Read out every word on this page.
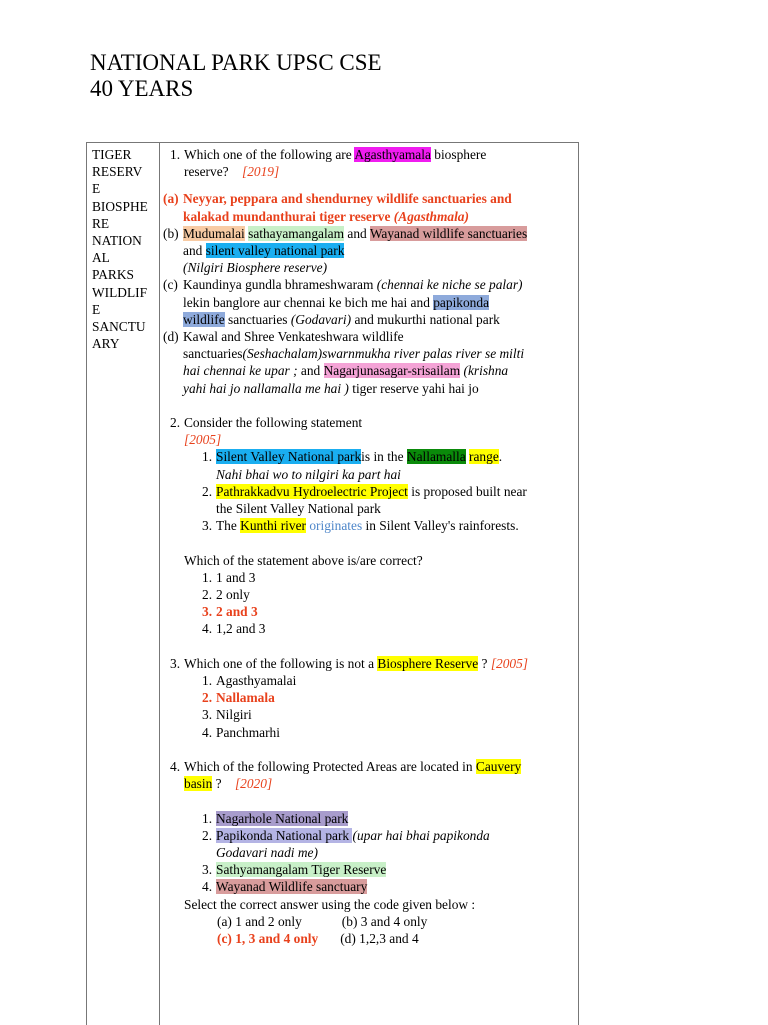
NATIONAL PARK UPSC CSE
40 YEARS
TIGER
RESERV
E
BIOSPHE
RE
NATION
AL
PARKS
WILDLIF
E
SANCTU
ARY
1. Which one of the following are Agasthyamala biosphere
reserve? [2019]
(a) Neyyar, peppara and shendurney wildlife sanctuaries and
kalakad mundanthurai tiger reserve (Agasthmala)
(b) Mudumalai sathayamangalam and Wayanad wildlife sanctuaries
and silent valley national park
(Nilgiri Biosphere reserve)
(c) Kaundinya gundla bhrameshwaram (chennai ke niche se palar)
lekin banglore aur chennai ke bich me hai and papikonda
wildlife sanctuaries (Godavari) and mukurthi national park
(d) Kawal and Shree Venkateshwara wildlife
sanctuaries(Seshachalam)swarnmukha river palas river se milti
hai chennai ke upar ; and Nagarjunasagar-srisailam (krishna
yahi hai jo nallamalla me hai ) tiger reserve yahi hai jo
2. Consider the following statement
[2005]
1. Silent Valley National parkis in the Nallamalla range.
Nahi bhai wo to nilgiri ka part hai
2. Pathrakkadvu Hydroelectric Project is proposed built near
the Silent Valley National park
3. The Kunthi river originates in Silent Valley's rainforests.
Which of the statement above is/are correct?
1. 1 and 3
2. 2 only
3. 2 and 3
4. 1,2 and 3
3. Which one of the following is not a Biosphere Reserve ? [2005]
1. Agasthyamalai
2. Nallamala
3. Nilgiri
4. Panchmarhi
4. Which of the following Protected Areas are located in Cauvery
basin ? [2020]
1. Nagarhole National park
2. Papikonda National park (upar hai bhai papikonda
Godavari nadi me)
3. Sathyamangalam Tiger Reserve
4. Wayanad Wildlife sanctuary
Select the correct answer using the code given below :
(a) 1 and 2 only	(b) 3 and 4 only
(c) 1, 3 and 4 only (d) 1,2,3 and 4
